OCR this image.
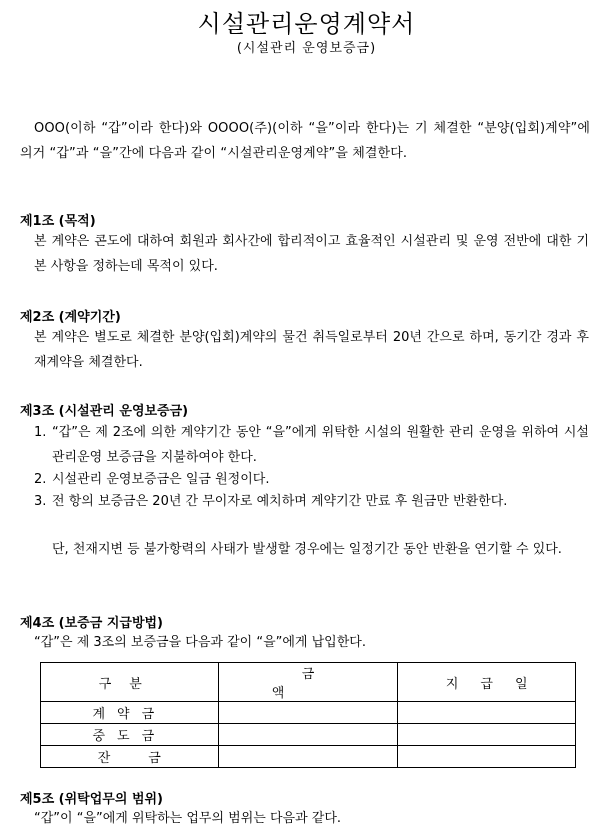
시설관리운영계약서
(시설관리 운영보증금)
OOO(이하 “갑”이라 한다)와 OOOO(주)(이하 “을”이라 한다)는 기 체결한 “분양(입회)계약”에 의거 “갑”과 “을”간에 다음과 같이 “시설관리운영계약”을 체결한다.
제1조 (목적)
본 계약은 콘도에 대하여 회원과 회사간에 합리적이고 효율적인 시설관리 및 운영 전반에 대한 기본 사항을 정하는데 목적이 있다.
제2조 (계약기간)
본 계약은 별도로 체결한 분양(입회)계약의 물건 취득일로부터 20년 간으로 하며, 동기간 경과 후 재계약을 체결한다.
제3조 (시설관리 운영보증금)
1. “갑”은 제 2조에 의한 계약기간 동안 “을”에게 위탁한 시설의 원활한 관리 운영을 위하여 시설관리운영 보증금을 지불하여야 한다.
2. 시설관리 운영보증금은 일금 원정이다.
3. 전 항의 보증금은 20년 간 무이자로 예치하며 계약기간 만료 후 원금만 반환한다.
단, 천재지변 등 불가항력의 사태가 발생할 경우에는 일정기간 동안 반환을 연기할 수 있다.
제4조 (보증금 지급방법)
“갑”은 제 3조의 보증금을 다음과 같이 “을”에게 납입한다.
구분	금액	지급일
계약금		
중도금		
잔금		
제5조 (위탁업무의 범위)
“갑”이 “을”에게 위탁하는 업무의 범위는 다음과 같다.
